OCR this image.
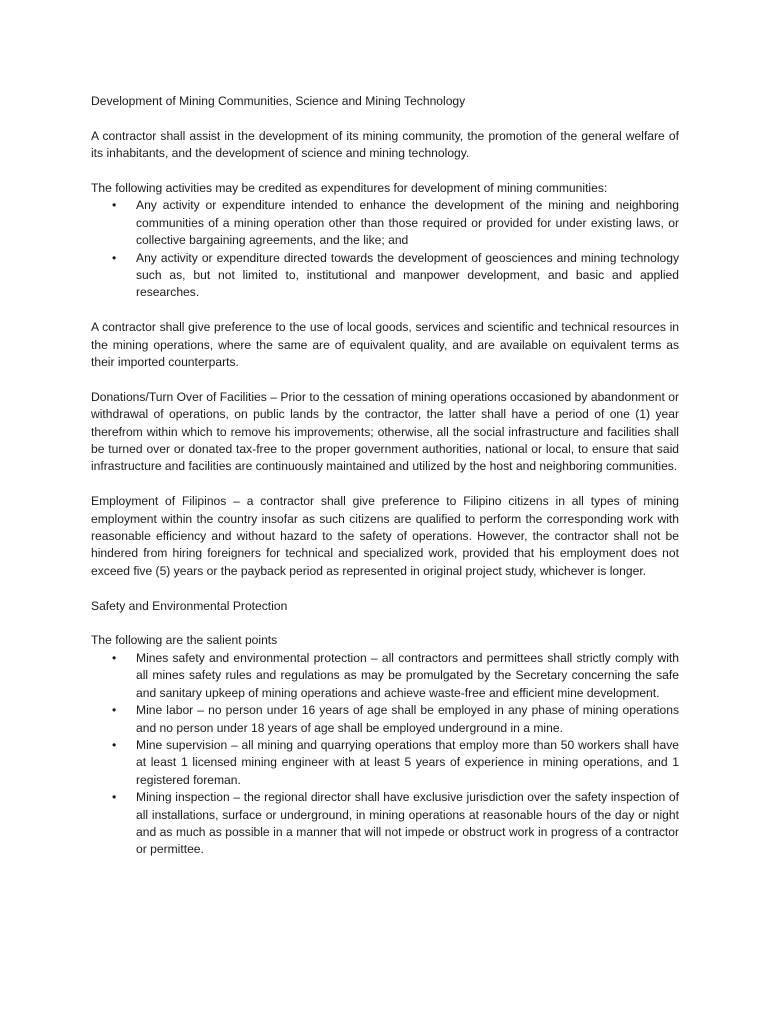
Development of Mining Communities, Science and Mining Technology

A contractor shall assist in the development of its mining community, the promotion of the general welfare of its inhabitants, and the development of science and mining technology.

The following activities may be credited as expenditures for development of mining communities:

• Any activity or expenditure intended to enhance the development of the mining and neighboring communities of a mining operation other than those required or provided for under existing laws, or collective bargaining agreements, and the like; and
• Any activity or expenditure directed towards the development of geosciences and mining technology such as, but not limited to, institutional and manpower development, and basic and applied researches.

A contractor shall give preference to the use of local goods, services and scientific and technical resources in the mining operations, where the same are of equivalent quality, and are available on equivalent terms as their imported counterparts.

Donations/Turn Over of Facilities – Prior to the cessation of mining operations occasioned by abandonment or withdrawal of operations, on public lands by the contractor, the latter shall have a period of one (1) year therefrom within which to remove his improvements; otherwise, all the social infrastructure and facilities shall be turned over or donated tax-free to the proper government authorities, national or local, to ensure that said infrastructure and facilities are continuously maintained and utilized by the host and neighboring communities.

Employment of Filipinos – a contractor shall give preference to Filipino citizens in all types of mining employment within the country insofar as such citizens are qualified to perform the corresponding work with reasonable efficiency and without hazard to the safety of operations. However, the contractor shall not be hindered from hiring foreigners for technical and specialized work, provided that his employment does not exceed five (5) years or the payback period as represented in original project study, whichever is longer.

Safety and Environmental Protection

The following are the salient points

• Mines safety and environmental protection – all contractors and permittees shall strictly comply with all mines safety rules and regulations as may be promulgated by the Secretary concerning the safe and sanitary upkeep of mining operations and achieve waste-free and efficient mine development.
• Mine labor – no person under 16 years of age shall be employed in any phase of mining operations and no person under 18 years of age shall be employed underground in a mine.
• Mine supervision – all mining and quarrying operations that employ more than 50 workers shall have at least 1 licensed mining engineer with at least 5 years of experience in mining operations, and 1 registered foreman.
• Mining inspection – the regional director shall have exclusive jurisdiction over the safety inspection of all installations, surface or underground, in mining operations at reasonable hours of the day or night and as much as possible in a manner that will not impede or obstruct work in progress of a contractor or permittee.
